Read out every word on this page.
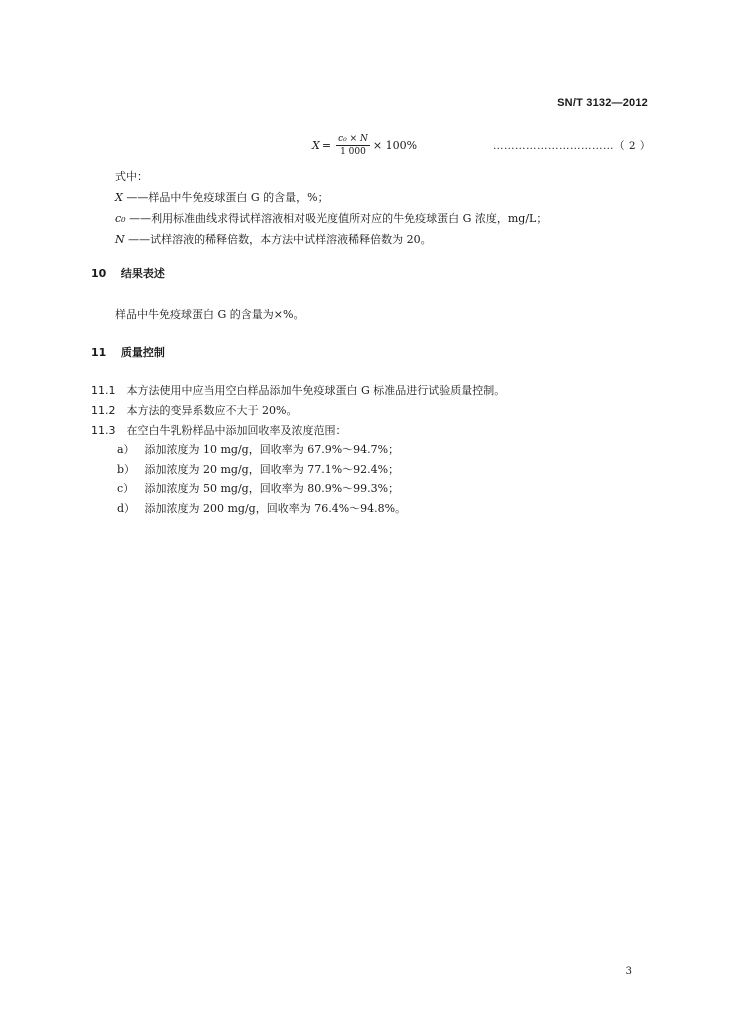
SN/T 3132—2012
$X = \frac{\text{c₀ × N}}{1 000} \times 100\%$	……………………………（ 2 ）
式中：
X ——样品中牛免疫球蛋白 G 的含量，%；
c₀ ——利用标准曲线求得试样溶液相对吸光度值所对应的牛免疫球蛋白 G 浓度，mg/L；
N ——试样溶液的稀释倍数，本方法中试样溶液稀释倍数为 20。
10 结果表述
样品中牛免疫球蛋白 G 的含量为×%。
11 质量控制
11.1 本方法使用中应当用空白样品添加牛免疫球蛋白 G 标准品进行试验质量控制。
11.2 本方法的变异系数应不大于 20%。
11.3 在空白牛乳粉样品中添加回收率及浓度范围：
a） 添加浓度为 10 mg/g，回收率为 67.9%～94.7%；
b） 添加浓度为 20 mg/g，回收率为 77.1%～92.4%；
c） 添加浓度为 50 mg/g，回收率为 80.9%～99.3%；
d） 添加浓度为 200 mg/g，回收率为 76.4%～94.8%。
3
